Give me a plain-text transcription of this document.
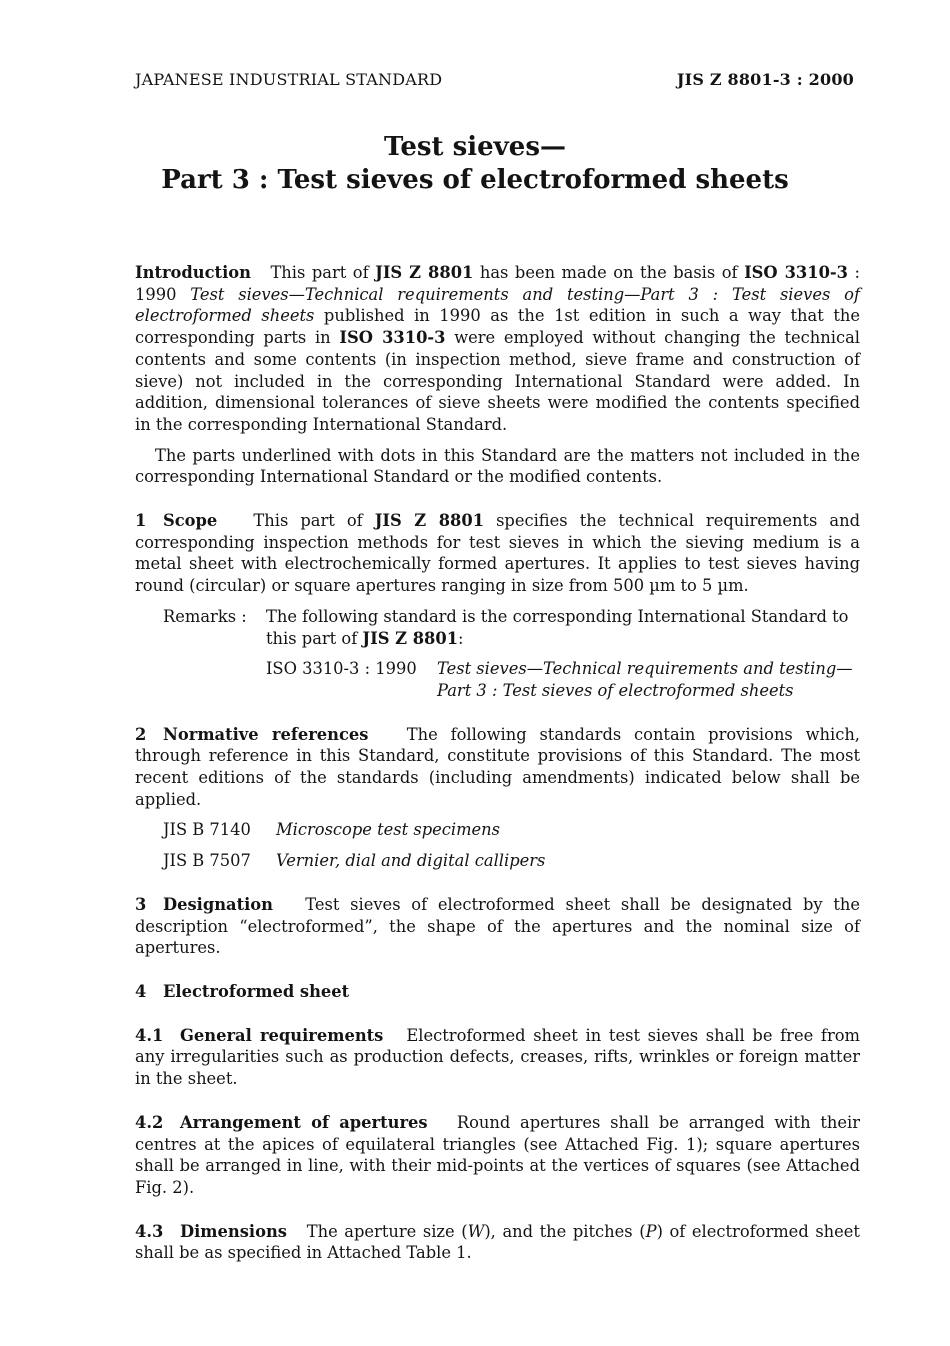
JAPANESE INDUSTRIAL STANDARD	JIS Z 8801-3 : 2000
Test sieves—
Part 3 : Test sieves of electroformed sheets

Introduction This part of JIS Z 8801 has been made on the basis of ISO 3310-3 : 1990 Test sieves—Technical requirements and testing—Part 3 : Test sieves of electroformed sheets published in 1990 as the 1st edition in such a way that the corresponding parts in ISO 3310-3 were employed without changing the technical contents and some contents (in inspection method, sieve frame and construction of sieve) not included in the corresponding International Standard were added. In addition, dimensional tolerances of sieve sheets were modified the contents specified in the corresponding International Standard.

The parts underlined with dots in this Standard are the matters not included in the corresponding International Standard or the modified contents.

1 Scope This part of JIS Z 8801 specifies the technical requirements and corresponding inspection methods for test sieves in which the sieving medium is a metal sheet with electrochemically formed apertures. It applies to test sieves having round (circular) or square apertures ranging in size from 500 µm to 5 µm.

Remarks :	The following standard is the corresponding International Standard to this part of JIS Z 8801:
ISO 3310-3 : 1990	Test sieves—Technical requirements and testing—Part 3 : Test sieves of electroformed sheets

2 Normative references The following standards contain provisions which, through reference in this Standard, constitute provisions of this Standard. The most recent editions of the standards (including amendments) indicated below shall be applied.

JIS B 7140	Microscope test specimens
JIS B 7507	Vernier, dial and digital callipers

3 Designation Test sieves of electroformed sheet shall be designated by the description “electroformed”, the shape of the apertures and the nominal size of apertures.

4 Electroformed sheet

4.1 General requirements Electroformed sheet in test sieves shall be free from any irregularities such as production defects, creases, rifts, wrinkles or foreign matter in the sheet.

4.2 Arrangement of apertures Round apertures shall be arranged with their centres at the apices of equilateral triangles (see Attached Fig. 1); square apertures shall be arranged in line, with their mid-points at the vertices of squares (see Attached Fig. 2).

4.3 Dimensions The aperture size (W), and the pitches (P) of electroformed sheet shall be as specified in Attached Table 1.
